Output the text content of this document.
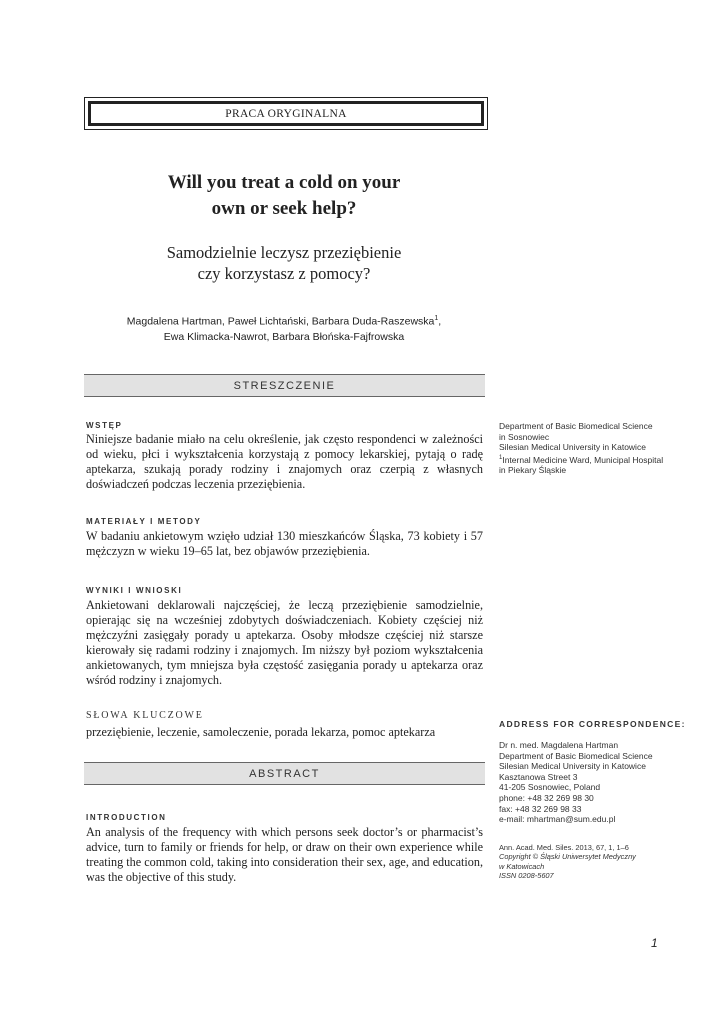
PRACA ORYGINALNA
Will you treat a cold on your
own or seek help?
Samodzielnie leczysz przeziębienie
czy korzystasz z pomocy?
Magdalena Hartman, Paweł Lichtański, Barbara Duda-Raszewska$^1$,
Ewa Klimacka-Nawrot, Barbara Błońska-Fajfrowska
STRESZCZENIE
WSTĘP

Niniejsze badanie miało na celu określenie, jak często respondenci w zależności od wieku, płci i wykształcenia korzystają z pomocy lekarskiej, pytają o radę aptekarza, szukają porady rodziny i znajomych oraz czerpią z własnych doświadczeń podczas leczenia przeziębienia.

MATERIAŁY I METODY

W badaniu ankietowym wzięło udział 130 mieszkańców Śląska, 73 kobiety i 57 mężczyzn w wieku 19–65 lat, bez objawów przeziębienia.

WYNIKI I WNIOSKI

Ankietowani deklarowali najczęściej, że leczą przeziębienie samodzielnie, opierając się na wcześniej zdobytych doświadczeniach. Kobiety częściej niż mężczyźni zasięgały porady u aptekarza. Osoby młodsze częściej niż starsze kierowały się radami rodziny i znajomych. Im niższy był poziom wykształcenia ankietowanych, tym mniejsza była częstość zasięgania porady u aptekarza oraz wśród rodziny i znajomych.

SŁOWA KLUCZOWE

przeziębienie, leczenie, samoleczenie, porada lekarza, pomoc aptekarza

ABSTRACT
INTRODUCTION

An analysis of the frequency with which persons seek doctor’s or pharmacist’s advice, turn to family or friends for help, or draw on their own experience while treating the common cold, taking into consideration their sex, age, and education, was the objective of this study.

Department of Basic Biomedical Science
in Sosnowiec
Silesian Medical University in Katowice
$^1$Internal Medicine Ward, Municipal Hospital
in Piekary Śląskie
ADDRESS FOR CORRESPONDENCE:
Dr n. med. Magdalena Hartman
Department of Basic Biomedical Science
Silesian Medical University in Katowice
Kasztanowa Street 3
41-205 Sosnowiec, Poland
phone: +48 32 269 98 30
fax: +48 32 269 98 33
e-mail: mhartman@sum.edu.pl
Ann. Acad. Med. Siles. 2013, 67, 1, 1–6
Copyright © Śląski Uniwersytet Medyczny
w Katowicach
ISSN 0208-5607
1
